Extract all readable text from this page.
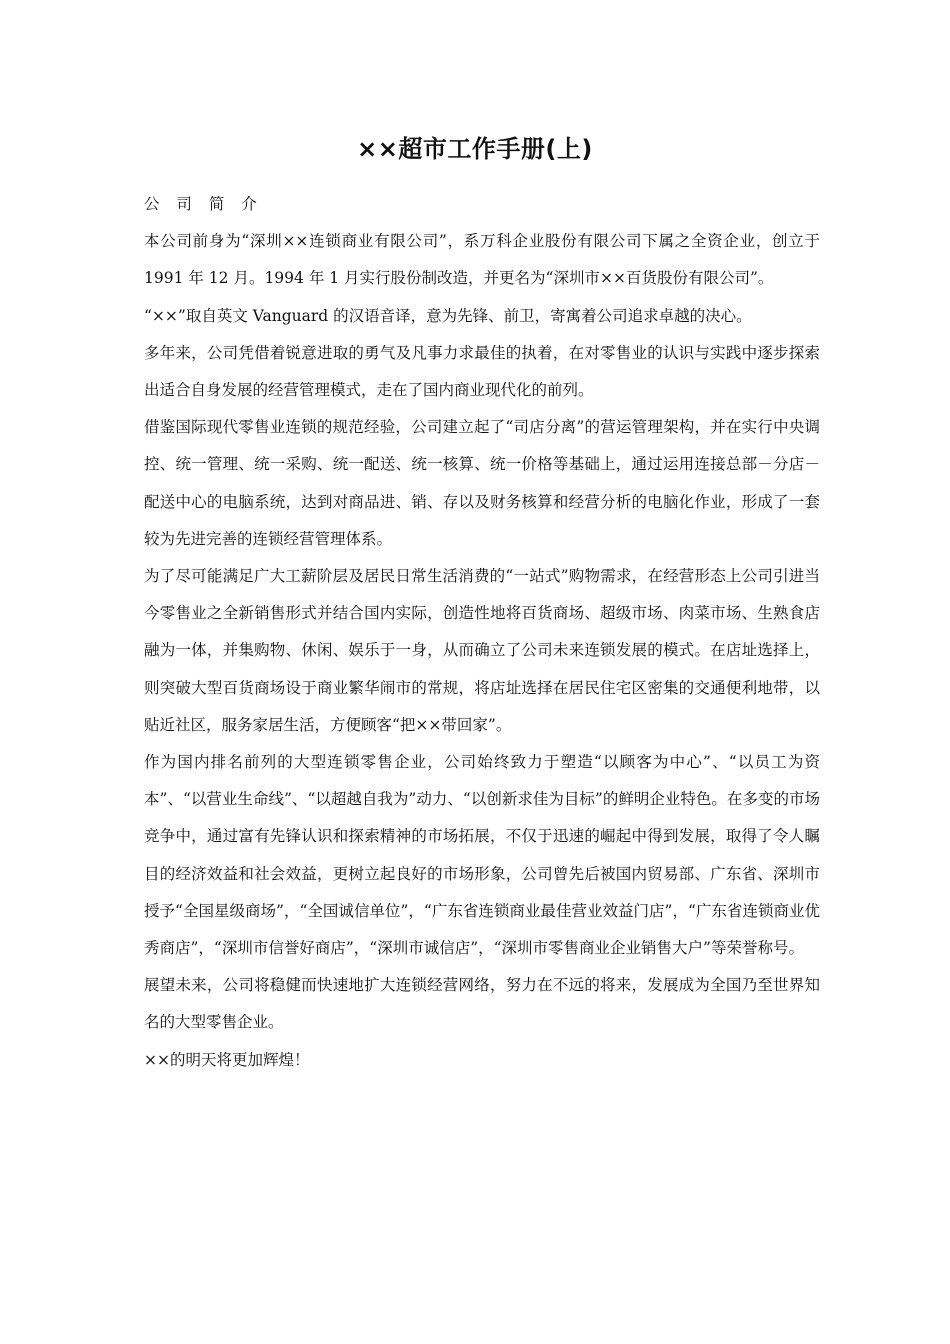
××超市工作手册(上)

公 司 简 介

本公司前身为“深圳××连锁商业有限公司”，系万科企业股份有限公司下属之全资企业，创立于 1991 年 12 月。1994 年 1 月实行股份制改造，并更名为“深圳市××百货股份有限公司”。

“××”取自英文 Vanguard 的汉语音译，意为先锋、前卫，寄寓着公司追求卓越的决心。

多年来，公司凭借着锐意进取的勇气及凡事力求最佳的执着，在对零售业的认识与实践中逐步探索出适合自身发展的经营管理模式，走在了国内商业现代化的前列。

借鉴国际现代零售业连锁的规范经验，公司建立起了“司店分离”的营运管理架构，并在实行中央调控、统一管理、统一采购、统一配送、统一核算、统一价格等基础上，通过运用连接总部－分店－配送中心的电脑系统，达到对商品进、销、存以及财务核算和经营分析的电脑化作业，形成了一套较为先进完善的连锁经营管理体系。

为了尽可能满足广大工薪阶层及居民日常生活消费的“一站式”购物需求，在经营形态上公司引进当今零售业之全新销售形式并结合国内实际，创造性地将百货商场、超级市场、肉菜市场、生熟食店融为一体，并集购物、休闲、娱乐于一身，从而确立了公司未来连锁发展的模式。在店址选择上，则突破大型百货商场设于商业繁华闹市的常规，将店址选择在居民住宅区密集的交通便利地带，以贴近社区，服务家居生活，方便顾客“把××带回家”。

作为国内排名前列的大型连锁零售企业，公司始终致力于塑造“以顾客为中心”、“以员工为资本”、“以营业生命线”、“以超越自我为”动力、“以创新求佳为目标”的鲜明企业特色。在多变的市场竞争中，通过富有先锋认识和探索精神的市场拓展，不仅于迅速的崛起中得到发展，取得了令人瞩目的经济效益和社会效益，更树立起良好的市场形象，公司曾先后被国内贸易部、广东省、深圳市授予“全国星级商场”，“全国诚信单位”，“广东省连锁商业最佳营业效益门店”，“广东省连锁商业优秀商店”，“深圳市信誉好商店”，“深圳市诚信店”，“深圳市零售商业企业销售大户”等荣誉称号。

展望未来，公司将稳健而快速地扩大连锁经营网络，努力在不远的将来，发展成为全国乃至世界知名的大型零售企业。

××的明天将更加辉煌！
